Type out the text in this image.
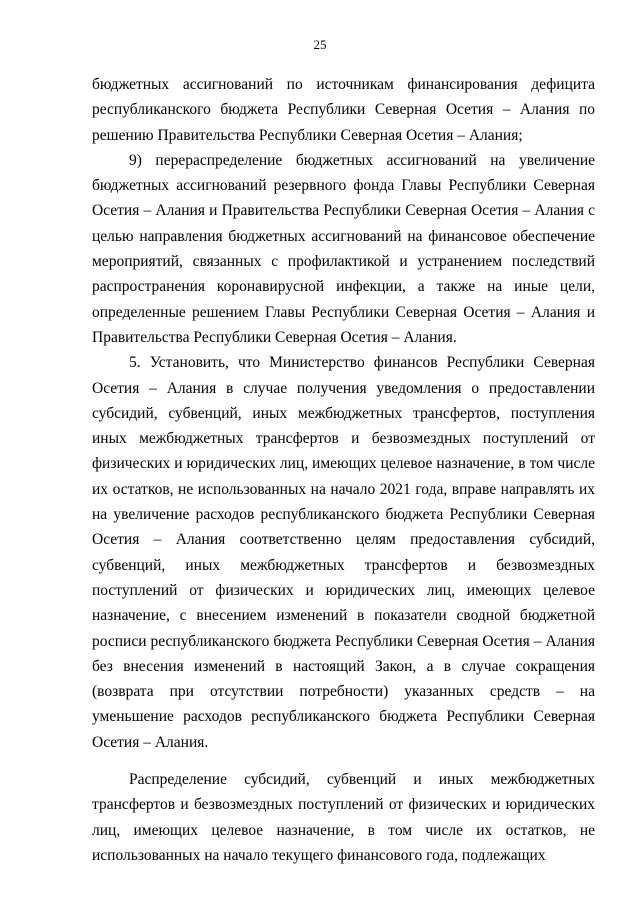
25

бюджетных ассигнований по источникам финансирования дефицита республиканского бюджета Республики Северная Осетия – Алания по решению Правительства Республики Северная Осетия – Алания;

9) перераспределение бюджетных ассигнований на увеличение бюджетных ассигнований резервного фонда Главы Республики Северная Осетия – Алания и Правительства Республики Северная Осетия – Алания с целью направления бюджетных ассигнований на финансовое обеспечение мероприятий, связанных с профилактикой и устранением последствий распространения коронавирусной инфекции, а также на иные цели, определенные решением Главы Республики Северная Осетия – Алания и Правительства Республики Северная Осетия – Алания.

5. Установить, что Министерство финансов Республики Северная Осетия – Алания в случае получения уведомления о предоставлении субсидий, субвенций, иных межбюджетных трансфертов, поступления иных межбюджетных трансфертов и безвозмездных поступлений от физических и юридических лиц, имеющих целевое назначение, в том числе их остатков, не использованных на начало 2021 года, вправе направлять их на увеличение расходов республиканского бюджета Республики Северная Осетия – Алания соответственно целям предоставления субсидий, субвенций, иных межбюджетных трансфертов и безвозмездных поступлений от физических и юридических лиц, имеющих целевое назначение, с внесением изменений в показатели сводной бюджетной росписи республиканского бюджета Республики Северная Осетия – Алания без внесения изменений в настоящий Закон, а в случае сокращения (возврата при отсутствии потребности) указанных средств – на уменьшение расходов республиканского бюджета Республики Северная Осетия – Алания.

Распределение субсидий, субвенций и иных межбюджетных трансфертов и безвозмездных поступлений от физических и юридических лиц, имеющих целевое назначение, в том числе их остатков, не использованных на начало текущего финансового года, подлежащих
